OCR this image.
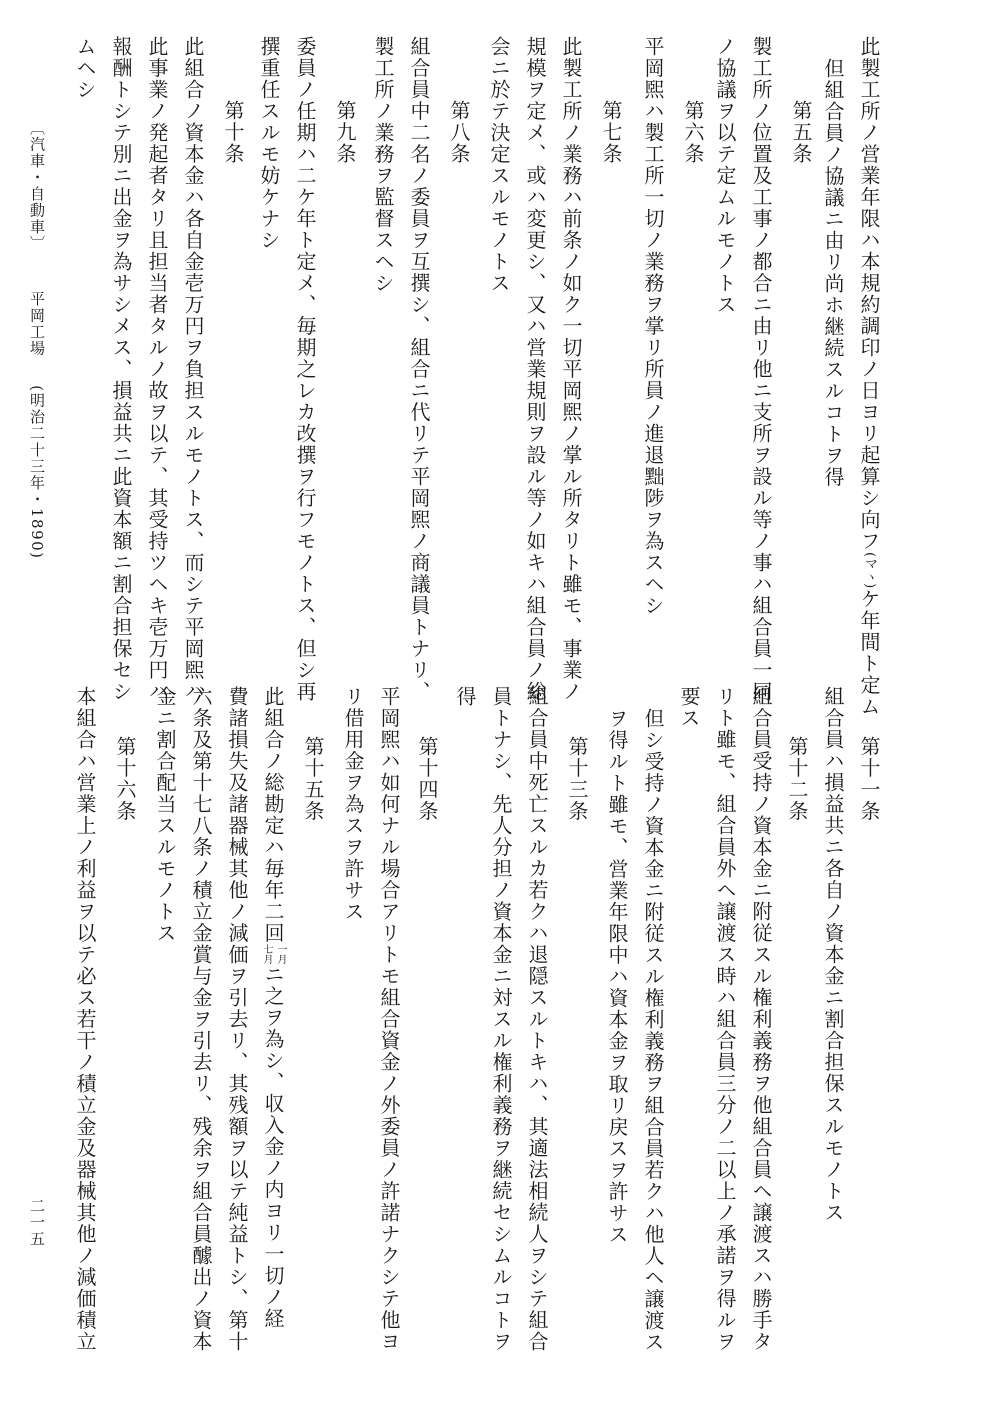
此製工所ノ営業年限ハ本規約調印ノ日ヨリ起算シ向フ(マヽ)ケ年間ト定ム
但組合員ノ協議ニ由リ尚ホ継続スルコトヲ得
第五条
製工所ノ位置及工事ノ都合ニ由リ他ニ支所ヲ設ル等ノ事ハ組合員一同
ノ協議ヲ以テ定ムルモノトス
第六条
平岡煕ハ製工所一切ノ業務ヲ掌リ所員ノ進退黜陟ヲ為スヘシ
第七条
此製工所ノ業務ハ前条ノ如ク一切平岡煕ノ掌ル所タリト雖モ、事業ノ
規模ヲ定メ、或ハ変更シ、又ハ営業規則ヲ設ル等ノ如キハ組合員ノ総
会ニ於テ決定スルモノトス
第八条
組合員中二名ノ委員ヲ互撰シ、組合ニ代リテ平岡煕ノ商議員トナリ、
製工所ノ業務ヲ監督スヘシ
第九条
委員ノ任期ハ二ケ年ト定メ、毎期之レカ改撰ヲ行フモノトス、但シ再
撰重任スルモ妨ケナシ
第十条
此組合ノ資本金ハ各自金壱万円ヲ負担スルモノトス、而シテ平岡煕ハ
此事業ノ発起者タリ且担当者タルノ故ヲ以テ、其受持ツヘキ壱万円ハ
報酬トシテ別ニ出金ヲ為サシメス、損益共ニ此資本額ニ割合担保セシ
ムヘシ
第十一条
組合員ハ損益共ニ各自ノ資本金ニ割合担保スルモノトス
第十二条
組合員受持ノ資本金ニ附従スル権利義務ヲ他組合員ヘ譲渡スハ勝手タ
リト雖モ、組合員外ヘ譲渡ス時ハ組合員三分ノ二以上ノ承諾ヲ得ルヲ
要ス
但シ受持ノ資本金ニ附従スル権利義務ヲ組合員若クハ他人ヘ譲渡ス
ヲ得ルト雖モ、営業年限中ハ資本金ヲ取リ戻スヲ許サス
第十三条
組合員中死亡スルカ若クハ退隠スルトキハ、其適法相続人ヲシテ組合
員トナシ、先人分担ノ資本金ニ対スル権利義務ヲ継続セシムルコトヲ
得
第十四条
平岡煕ハ如何ナル場合アリトモ組合資金ノ外委員ノ許諾ナクシテ他ヨ
リ借用金ヲ為スヲ許サス
第十五条
此組合ノ総勘定ハ毎年二回一月七月ニ之ヲ為シ、収入金ノ内ヨリ一切ノ経
費諸損失及諸器械其他ノ減価ヲ引去リ、其残額ヲ以テ純益トシ、第十
六条及第十七八条ノ積立金賞与金ヲ引去リ、残余ヲ組合員醵出ノ資本
金ニ割合配当スルモノトス
第十六条
本組合ハ営業上ノ利益ヲ以テ必ス若干ノ積立金及器械其他ノ減価積立
〔汽車・自動車〕  平岡工場  (明治二十三年・1890)
二一五
